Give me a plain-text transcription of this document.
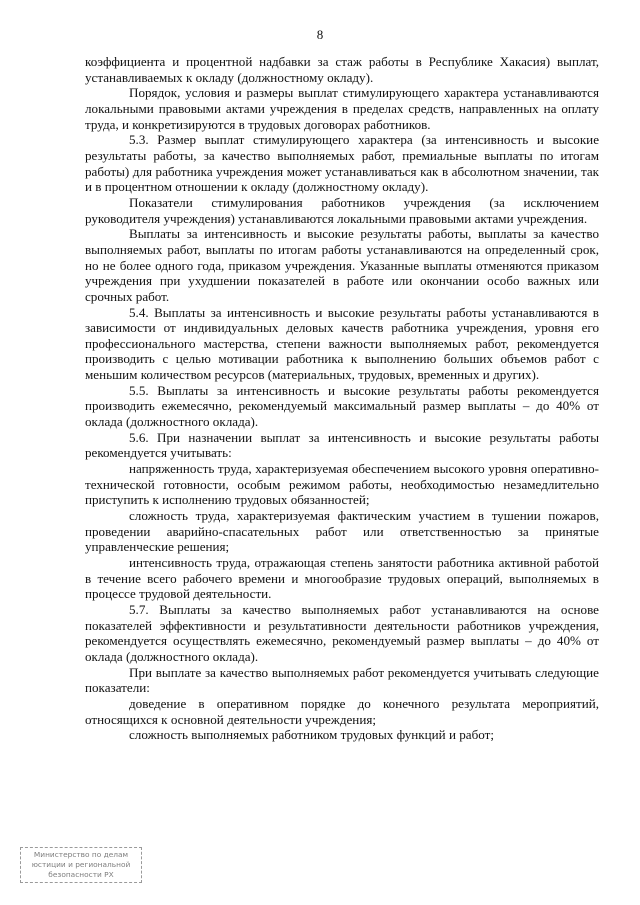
8

коэффициента и процентной надбавки за стаж работы в Республике Хакасия) выплат, устанавливаемых к окладу (должностному окладу).

Порядок, условия и размеры выплат стимулирующего характера устанавливаются локальными правовыми актами учреждения в пределах средств, направленных на оплату труда, и конкретизируются в трудовых договорах работников.

5.3. Размер выплат стимулирующего характера (за интенсивность и высокие результаты работы, за качество выполняемых работ, премиальные выплаты по итогам работы) для работника учреждения может устанавливаться как в абсолютном значении, так и в процентном отношении к окладу (должностному окладу).

Показатели стимулирования работников учреждения (за исключением руководителя учреждения) устанавливаются локальными правовыми актами учреждения.

Выплаты за интенсивность и высокие результаты работы, выплаты за качество выполняемых работ, выплаты по итогам работы устанавливаются на определенный срок, но не более одного года, приказом учреждения. Указанные выплаты отменяются приказом учреждения при ухудшении показателей в работе или окончании особо важных или срочных работ.

5.4. Выплаты за интенсивность и высокие результаты работы устанавливаются в зависимости от индивидуальных деловых качеств работника учреждения, уровня его профессионального мастерства, степени важности выполняемых работ, рекомендуется производить с целью мотивации работника к выполнению больших объемов работ с меньшим количеством ресурсов (материальных, трудовых, временных и других).

5.5. Выплаты за интенсивность и высокие результаты работы рекомендуется производить ежемесячно, рекомендуемый максимальный размер выплаты – до 40% от оклада (должностного оклада).

5.6. При назначении выплат за интенсивность и высокие результаты работы рекомендуется учитывать:

напряженность труда, характеризуемая обеспечением высокого уровня оперативно-технической готовности, особым режимом работы, необходимостью незамедлительно приступить к исполнению трудовых обязанностей;

сложность труда, характеризуемая фактическим участием в тушении пожаров, проведении аварийно-спасательных работ или ответственностью за принятые управленческие решения;

интенсивность труда, отражающая степень занятости работника активной работой в течение всего рабочего времени и многообразие трудовых операций, выполняемых в процессе трудовой деятельности.

5.7. Выплаты за качество выполняемых работ устанавливаются на основе показателей эффективности и результативности деятельности работников учреждения, рекомендуется осуществлять ежемесячно, рекомендуемый размер выплаты – до 40% от оклада (должностного оклада).

При выплате за качество выполняемых работ рекомендуется учитывать следующие показатели:

доведение в оперативном порядке до конечного результата мероприятий, относящихся к основной деятельности учреждения;

сложность выполняемых работником трудовых функций и работ;

Министерство по делам
юстиции и региональной
безопасности РХ
